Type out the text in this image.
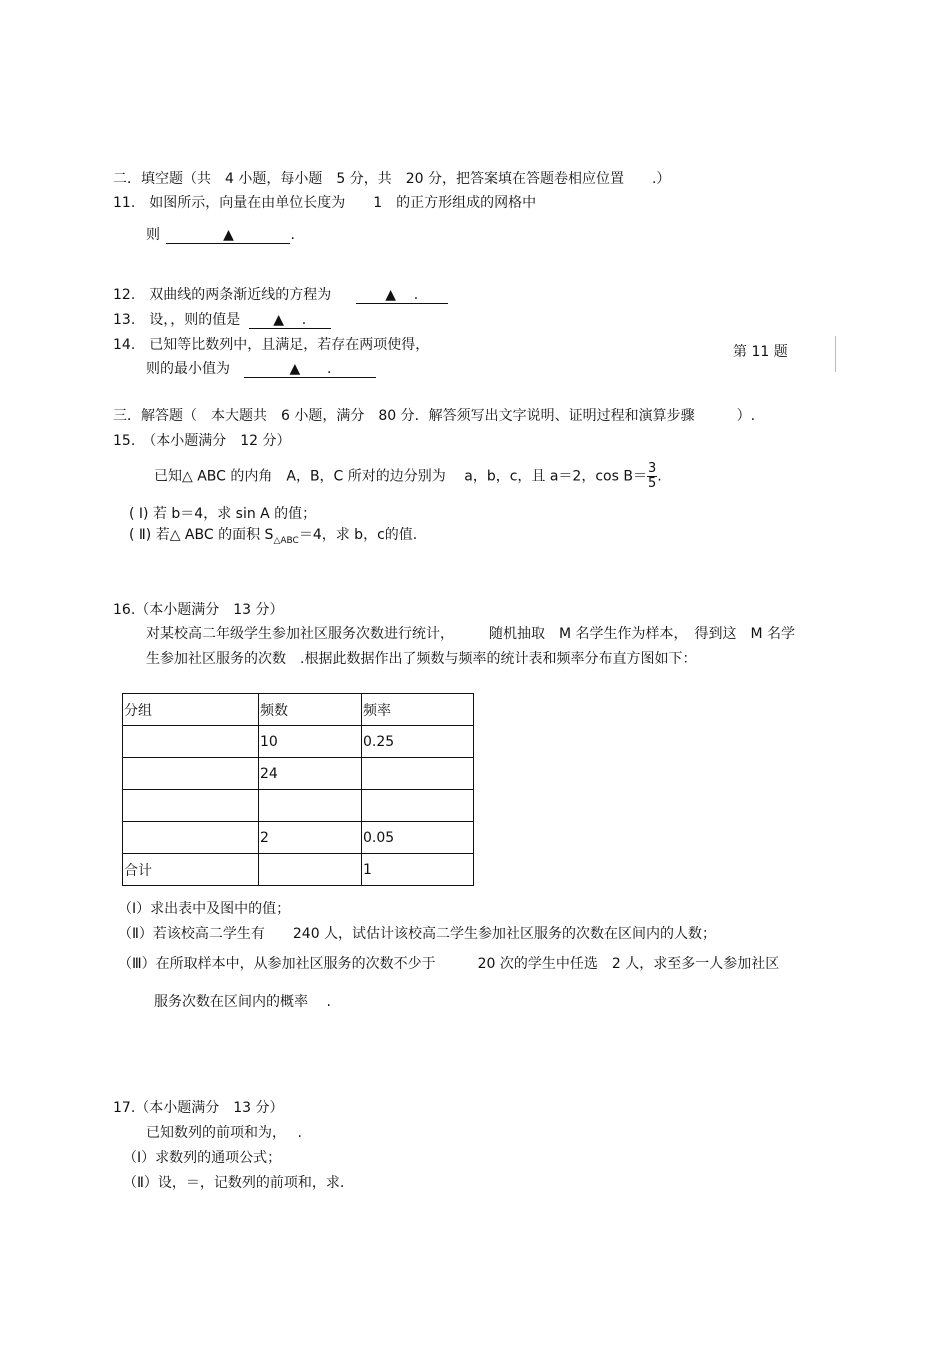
二．填空题（共　4 小题，每小题　5 分，共　20 分，把答案填在答题卷相应位置　　.）
11.　如图所示，向量在由单位长度为　　1　的正方形组成的网格中
则	▲	.
12.　双曲线的两条渐近线的方程为	▲ .
13.　设，，则的值是 ▲ .
14.　已知等比数列中，且满足，若存在两项使得，	第 11 题
则的最小值为	▲ .
三．解答题（　本大题共　6 小题，满分　80 分．解答须写出文字说明、证明过程和演算步骤　　　）.
15.　（本小题满分　12 分）
已知△ ABC 的内角　A，B，C 所对的边分别为　 a，b，c，且 a＝2，$\cos B= \frac{3}{5}$ .
( Ⅰ) 若 b＝4，求 sin A 的值；
( Ⅱ) 若△ ABC 的面积 $S_{\triangle ABC}=4$，求 b，c的值.
16.（本小题满分　13 分）
对某校高二年级学生参加社区服务次数进行统计，　　　随机抽取　M 名学生作为样本，　得到这　M 名学
生参加社区服务的次数　.根据此数据作出了频数与频率的统计表和频率分布直方图如下：
分组	频数	频率
	10	0.25
	24	

	2	0.05
合计		1
（Ⅰ）求出表中及图中的值；
（Ⅱ）若该校高二学生有　　240 人，试估计该校高二学生参加社区服务的次数在区间内的人数；
（Ⅲ）在所取样本中，从参加社区服务的次数不少于　　　20 次的学生中任选　2 人，求至多一人参加社区
服务次数在区间内的概率　 .
17.（本小题满分　13 分）
已知数列的前项和为，　 .
（Ⅰ）求数列的通项公式；
（Ⅱ）设，＝，记数列的前项和，求.
